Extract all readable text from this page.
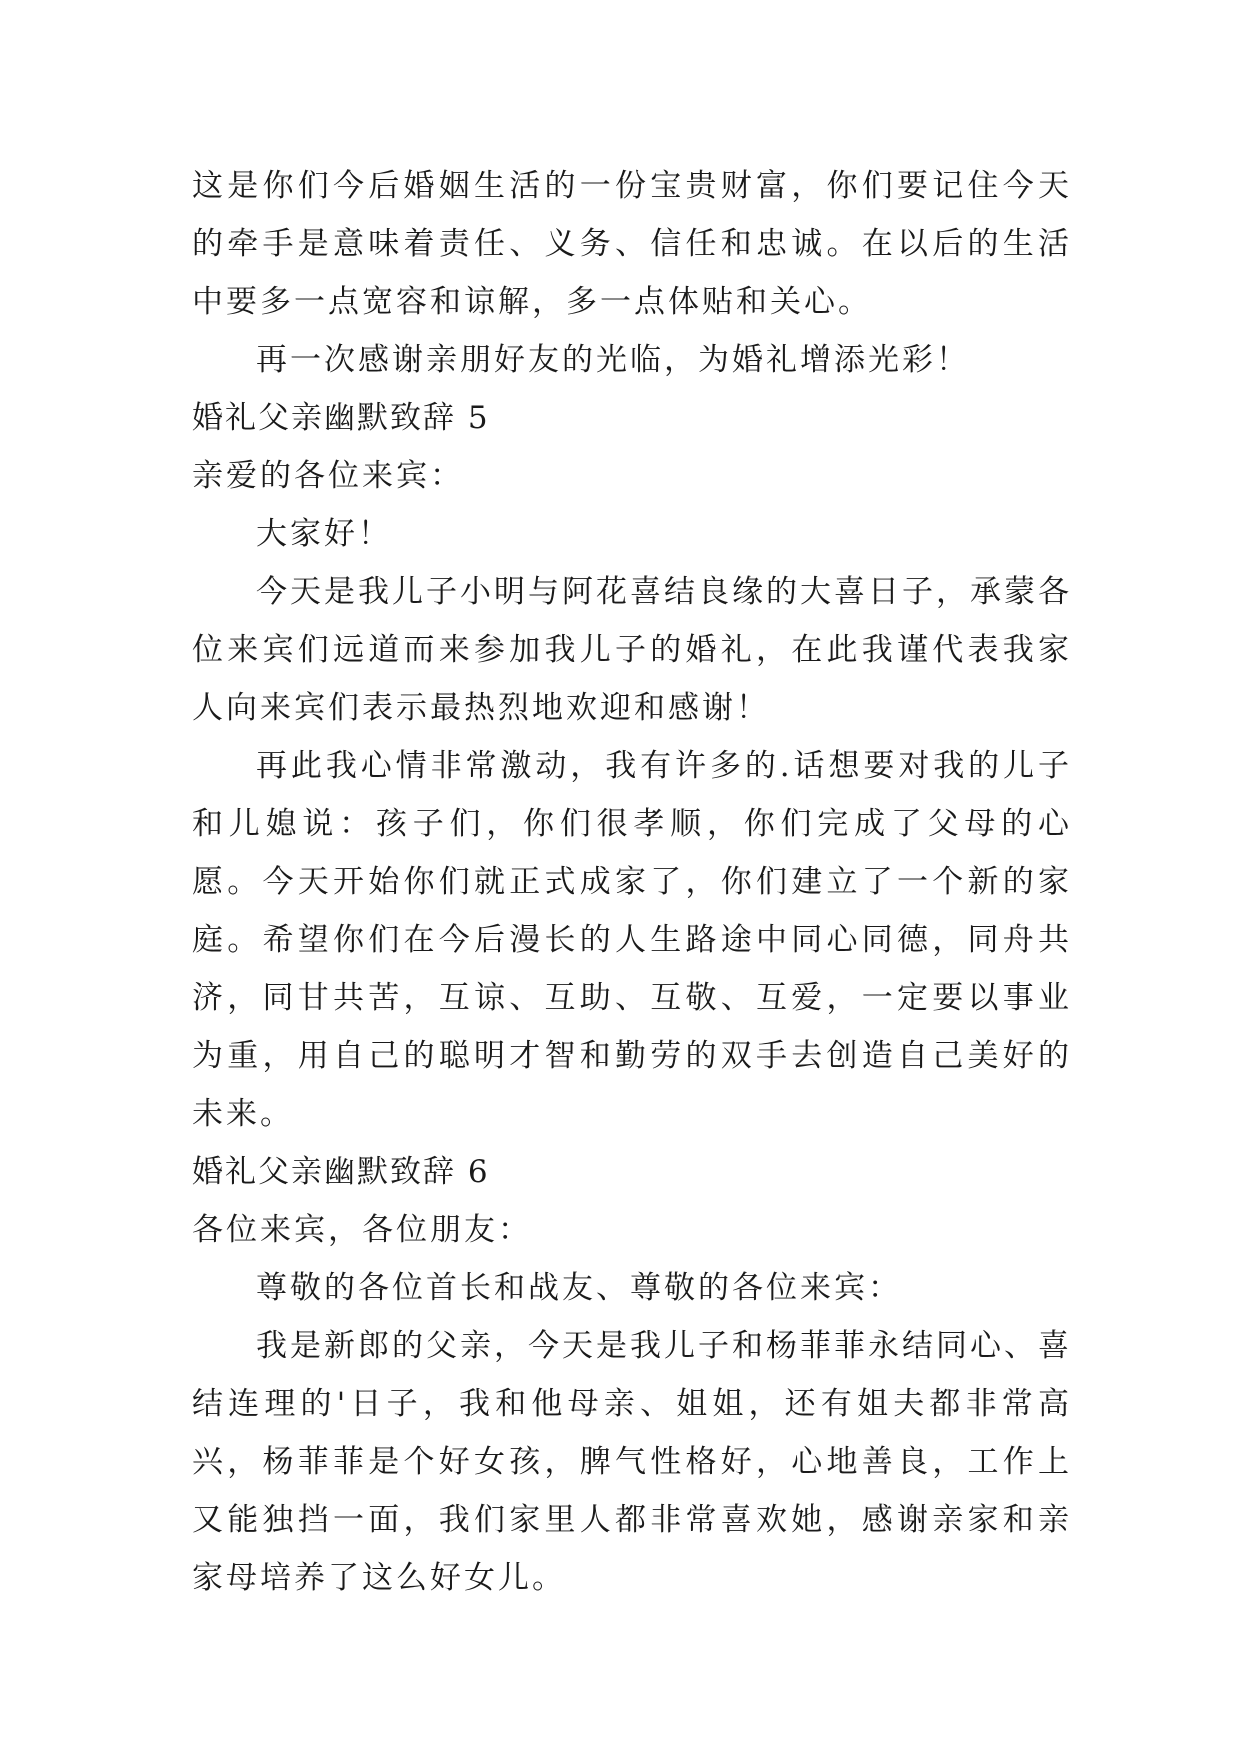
这是你们今后婚姻生活的一份宝贵财富，你们要记住今天的牵手是意味着责任、义务、信任和忠诚。在以后的生活中要多一点宽容和谅解，多一点体贴和关心。

再一次感谢亲朋好友的光临，为婚礼增添光彩！

婚礼父亲幽默致辞 5

亲爱的各位来宾：

大家好！

今天是我儿子小明与阿花喜结良缘的大喜日子，承蒙各位来宾们远道而来参加我儿子的婚礼，在此我谨代表我家人向来宾们表示最热烈地欢迎和感谢！

再此我心情非常激动，我有许多的.话想要对我的儿子和儿媳说：孩子们，你们很孝顺，你们完成了父母的心愿。今天开始你们就正式成家了，你们建立了一个新的家庭。希望你们在今后漫长的人生路途中同心同德，同舟共济，同甘共苦，互谅、互助、互敬、互爱，一定要以事业为重，用自己的聪明才智和勤劳的双手去创造自己美好的未来。

婚礼父亲幽默致辞 6

各位来宾，各位朋友：

尊敬的各位首长和战友、尊敬的各位来宾：

我是新郎的父亲，今天是我儿子和杨菲菲永结同心、喜结连理的'日子，我和他母亲、姐姐，还有姐夫都非常高兴，杨菲菲是个好女孩，脾气性格好，心地善良，工作上又能独挡一面，我们家里人都非常喜欢她，感谢亲家和亲家母培养了这么好女儿。
